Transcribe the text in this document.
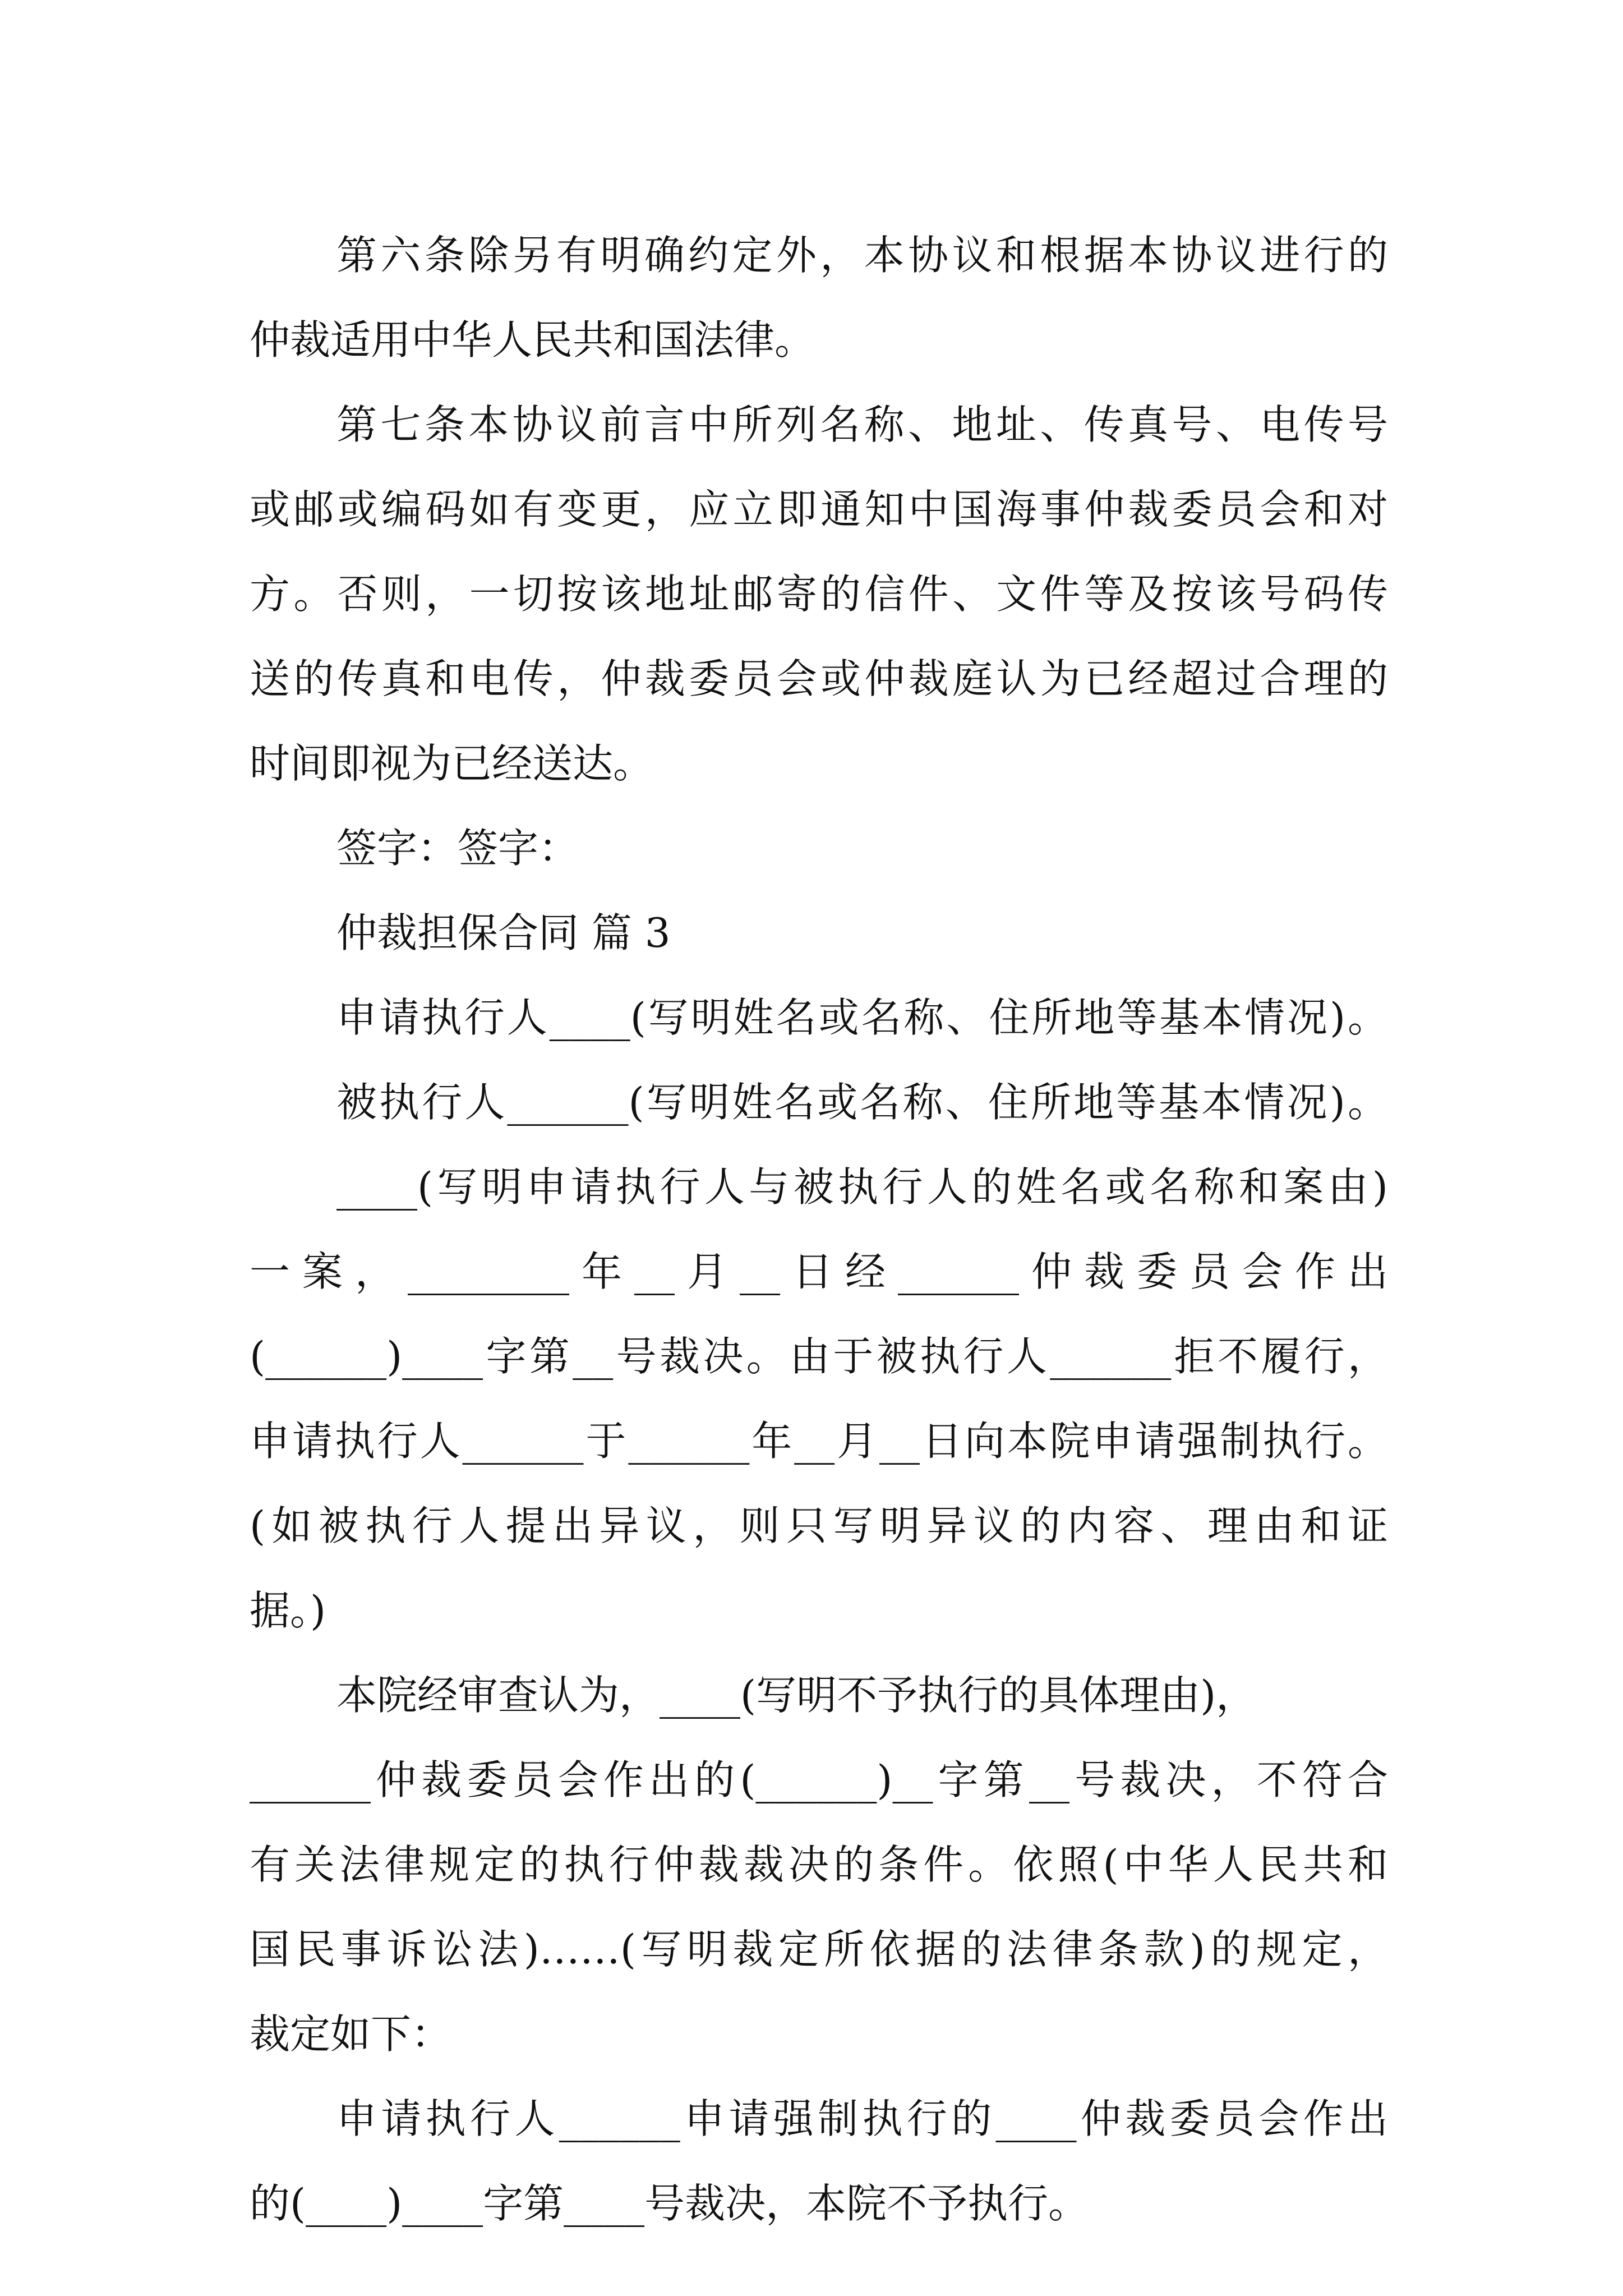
第六条除另有明确约定外，本协议和根据本协议进行的

仲裁适用中华人民共和国法律。

第七条本协议前言中所列名称、地址、传真号、电传号

或邮或编码如有变更，应立即通知中国海事仲裁委员会和对

方。否则，一切按该地址邮寄的信件、文件等及按该号码传

送的传真和电传，仲裁委员会或仲裁庭认为已经超过合理的

时间即视为已经送达。

签字：签字：

仲裁担保合同 篇 3

申请执行人____(写明姓名或名称、住所地等基本情况)。

被执行人______(写明姓名或名称、住所地等基本情况)。

____(写明申请执行人与被执行人的姓名或名称和案由)

一案，________年__月__日经______仲裁委员会作出

(______)____字第__号裁决。由于被执行人______拒不履行，

申请执行人______于______年__月__日向本院申请强制执行。

(如被执行人提出异议，则只写明异议的内容、理由和证

据。)

本院经审查认为，____(写明不予执行的具体理由)，

______仲裁委员会作出的(______)__字第__号裁决，不符合

有关法律规定的执行仲裁裁决的条件。依照(中华人民共和

国民事诉讼法)……(写明裁定所依据的法律条款)的规定，

裁定如下：

申请执行人______申请强制执行的____仲裁委员会作出

的(____)____字第____号裁决，本院不予执行。
